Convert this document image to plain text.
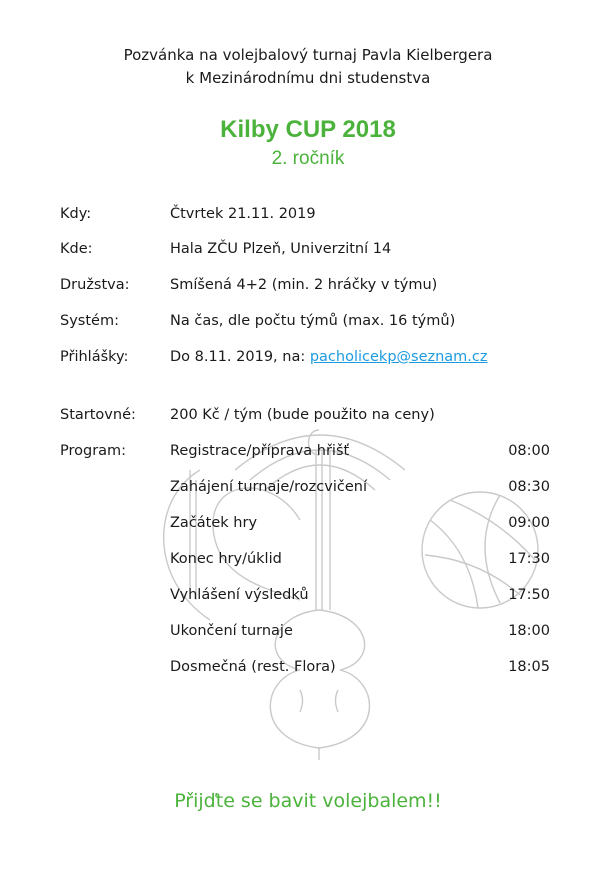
Pozvánka na volejbalový turnaj Pavla Kielbergera
k Mezinárodnímu dni studenstva
Kilby CUP 2018
2. ročník
Kdy:	Čtvrtek 21.11. 2019
Kde:	Hala ZČU Plzeň, Univerzitní 14
Družstva:	Smíšená 4+2 (min. 2 hráčky v týmu)
Systém:	Na čas, dle počtu týmů (max. 16 týmů)
Přihlášky:	Do 8.11. 2019, na: pacholicekp@seznam.cz
Startovné: 200 Kč / tým (bude použito na ceny)
Program:	Registrace/příprava hřišť	08:00
Zahájení turnaje/rozcvičení	08:30
Začátek hry	09:00
Konec hry/úklid	17:30
Vyhlášení výsledků	17:50
Ukončení turnaje	18:00
Dosmečná (rest. Flora)	18:05
Přijďte se bavit volejbalem!!
